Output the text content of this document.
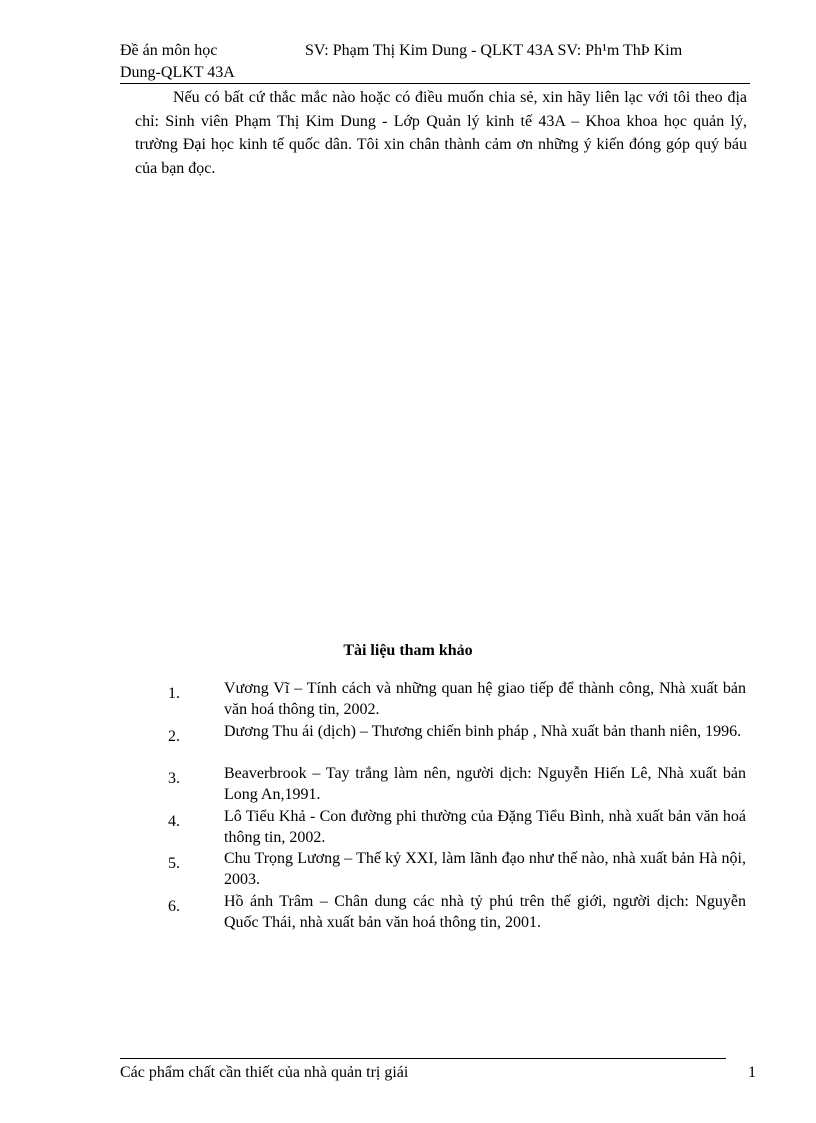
Đề án môn học	SV: Phạm Thị Kim Dung - QLKT 43A SV: Ph¹m ThÞ Kim
Dung-QLKT 43A

Nếu có bất cứ thắc mắc nào hoặc có điều muốn chia sẻ, xin hãy liên lạc với tôi theo địa chỉ: Sinh viên Phạm Thị Kim Dung - Lớp Quản lý kinh tế 43A – Khoa khoa học quản lý, trường Đại học kinh tế quốc dân. Tôi xin chân thành cảm ơn những ý kiến đóng góp quý báu của bạn đọc.

Tài liệu tham khảo
1.	Vương Vĩ – Tính cách và những quan hệ giao tiếp để thành công, Nhà xuất bản văn hoá thông tin, 2002.
2.	Dương Thu ái (dịch) – Thương chiến binh pháp , Nhà xuất bản thanh niên, 1996.
3.	Beaverbrook – Tay trắng làm nên, người dịch: Nguyễn Hiến Lê, Nhà xuất bản Long An,1991.
4.	Lô Tiểu Khả - Con đường phi thường của Đặng Tiểu Bình, nhà xuất bản văn hoá thông tin, 2002.
5.	Chu Trọng Lương – Thế kỷ XXI, làm lãnh đạo như thế nào, nhà xuất bản Hà nội, 2003.
6.	Hồ ánh Trâm – Chân dung các nhà tỷ phú trên thế giới, người dịch: Nguyễn Quốc Thái, nhà xuất bản văn hoá thông tin, 2001.
Các phẩm chất cần thiết của nhà quản trị giái	1
